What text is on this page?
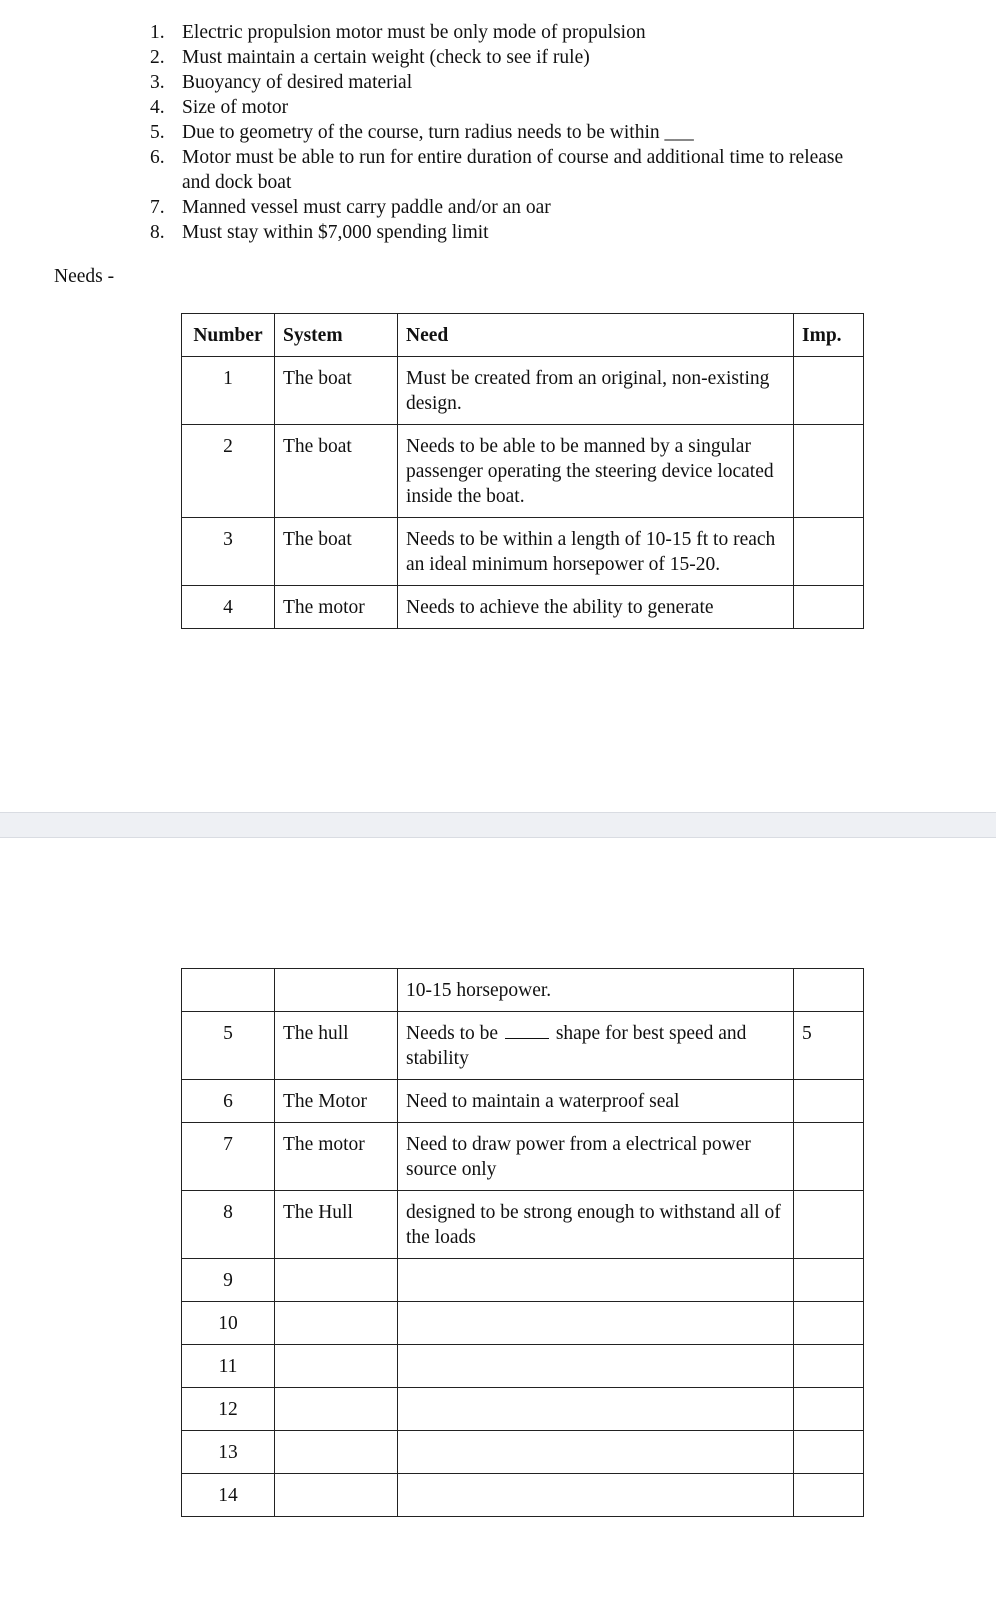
1. Electric propulsion motor must be only mode of propulsion
2. Must maintain a certain weight (check to see if rule)
3. Buoyancy of desired material
4. Size of motor
5. Due to geometry of the course, turn radius needs to be within ___
6. Motor must be able to run for entire duration of course and additional time to release and dock boat
7. Manned vessel must carry paddle and/or an oar
8. Must stay within $7,000 spending limit
Needs -
Number	System	Need	Imp.
1	The boat	Must be created from an original, non-existing design.	
2	The boat	Needs to be able to be manned by a singular passenger operating the steering device located inside the boat.	
3	The boat	Needs to be within a length of 10-15 ft to reach an ideal minimum horsepower of 15-20.	
4	The motor	Needs to achieve the ability to generate	
		10-15 horsepower.	
5	The hull	Needs to be shape for best speed and stability	5
6	The Motor	Need to maintain a waterproof seal	
7	The motor	Need to draw power from a electrical power source only	
8	The Hull	designed to be strong enough to withstand all of the loads	
9			
10			
11			
12			
13			
14			
